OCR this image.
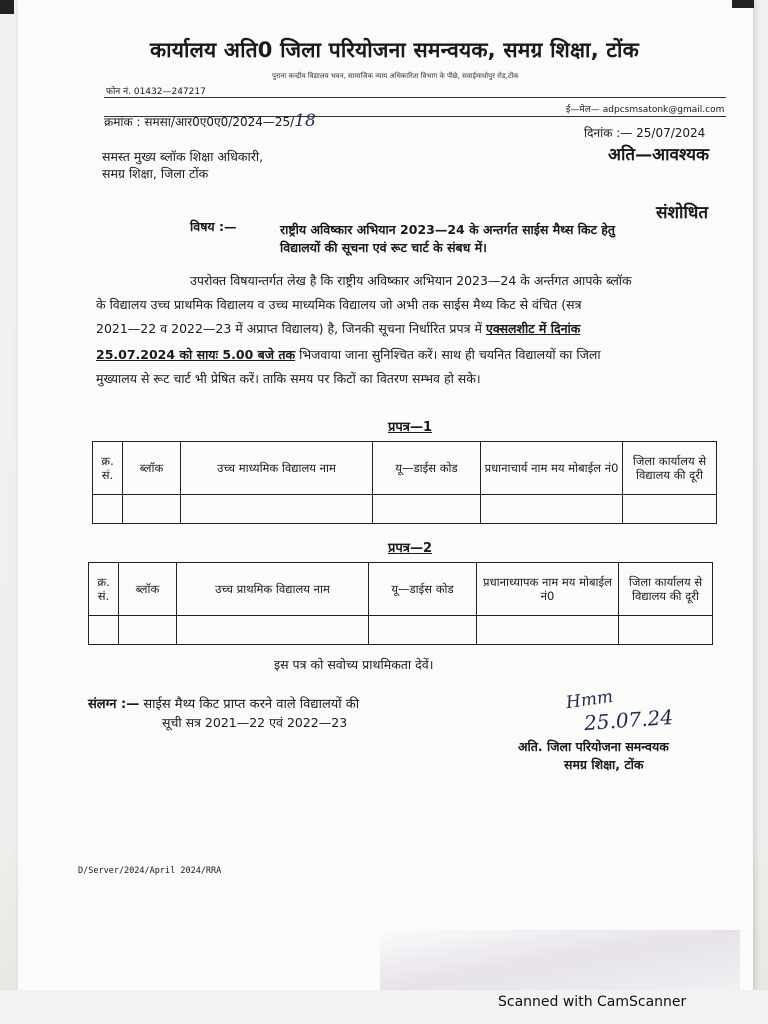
कार्यालय अति0 जिला परियोजना समन्वयक, समग्र शिक्षा, टोंक
पुराना कन्द्रीय विद्यालय भवन, सामाजिक न्याय अधिकारिता विभाग के पीछे, सवाईमाधोपुर रोड,टोंक
फोन नं. 01432—247217
ई—मेल— adpcsmsatonk@gmail.com
क्रमांक : समसा/आर0ए0ए0/2024—25/18
दिनांक :— 25/07/2024
अति—आवश्यक
समस्त मुख्य ब्लॉक शिक्षा अधिकारी,
समग्र शिक्षा, जिला टोंक
संशोधित
विषय :—	राष्ट्रीय अविष्कार अभियान 2023—24 के अन्तर्गत साईस मैथ्स किट हेतु
विद्यालयों की सूचना एवं रूट चार्ट के संबध में।
उपरोक्त विषयान्तर्गत लेख है कि राष्ट्रीय अविष्कार अभियान 2023—24 के अर्न्तगत आपके ब्लॉक
के विद्यालय उच्च प्राथमिक विद्यालय व उच्च माध्यमिक विद्यालय जो अभी तक साईस मैथ्य किट से वंचित (सत्र
2021—22 व 2022—23 में अप्राप्त विद्यालय) है, जिनकी सूचना निर्धारित प्रपत्र में एक्सलशीट में दिनांक
25.07.2024 को सायः 5.00 बजे तक भिजवाया जाना सुनिश्चित करें। साथ ही चयनित विद्यालयों का जिला
मुख्यालय से रूट चार्ट भी प्रेषित करें। ताकि समय पर किटों का वितरण सम्भव हो सके।
प्रपत्र—1
क्र. सं.	ब्लॉक	उच्च माध्यमिक विद्यालय नाम	यू—डाईस कोड	प्रधानाचार्य नाम मय मोबाईल नं0	जिला कार्यालय से विद्यालय की दूरी

प्रपत्र—2
क्र. सं.	ब्लॉक	उच्च प्राथमिक विद्यालय नाम	यू—डाईस कोड	प्रधानाध्यापक नाम मय मोबाईल नं0	जिला कार्यालय से विद्यालय की दूरी

इस पत्र को सवोच्य प्राथमिकता देवें।
संलग्न :— साईस मैथ्य किट प्राप्त करने वाले विद्यालयों की
सूची सत्र 2021—22 एवं 2022—23
Hmm
25.07.24
अति. जिला परियोजना समन्वयक
समग्र शिक्षा, टोंक
D/Server/2024/April 2024/RRA
Scanned with CamScanner
